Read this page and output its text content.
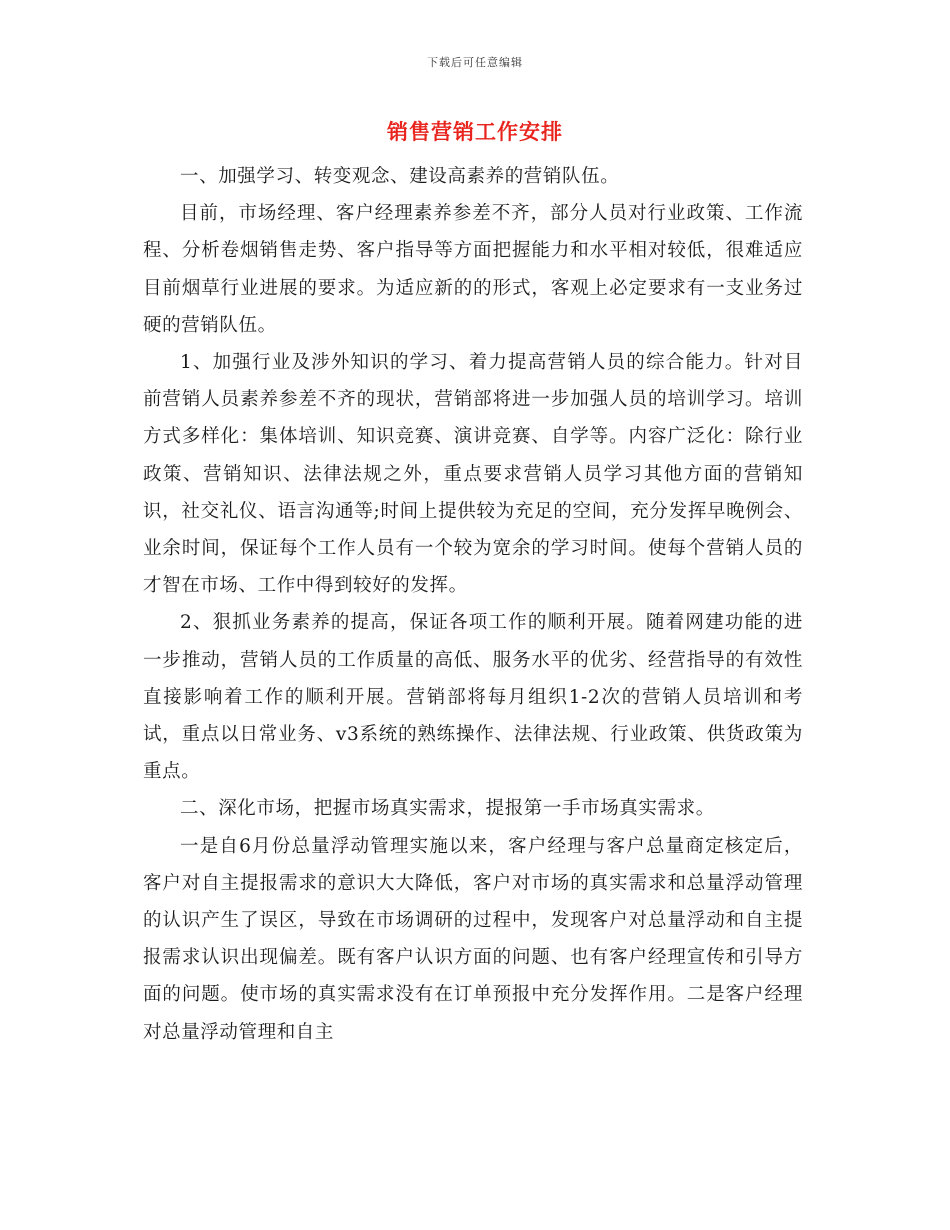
下载后可任意编辑
销售营销工作安排

一、加强学习、转变观念、建设高素养的营销队伍。

目前，市场经理、客户经理素养参差不齐，部分人员对行业政策、工作流程、分析卷烟销售走势、客户指导等方面把握能力和水平相对较低，很难适应目前烟草行业进展的要求。为适应新的的形式，客观上必定要求有一支业务过硬的营销队伍。

1、加强行业及涉外知识的学习、着力提高营销人员的综合能力。针对目前营销人员素养参差不齐的现状，营销部将进一步加强人员的培训学习。培训方式多样化：集体培训、知识竞赛、演讲竞赛、自学等。内容广泛化：除行业政策、营销知识、法律法规之外，重点要求营销人员学习其他方面的营销知识，社交礼仪、语言沟通等;时间上提供较为充足的空间，充分发挥早晚例会、业余时间，保证每个工作人员有一个较为宽余的学习时间。使每个营销人员的才智在市场、工作中得到较好的发挥。

2、狠抓业务素养的提高，保证各项工作的顺利开展。随着网建功能的进一步推动，营销人员的工作质量的高低、服务水平的优劣、经营指导的有效性直接影响着工作的顺利开展。营销部将每月组织1-2次的营销人员培训和考试，重点以日常业务、v3系统的熟练操作、法律法规、行业政策、供货政策为重点。

二、深化市场，把握市场真实需求，提报第一手市场真实需求。

一是自6月份总量浮动管理实施以来，客户经理与客户总量商定核定后，客户对自主提报需求的意识大大降低，客户对市场的真实需求和总量浮动管理的认识产生了误区，导致在市场调研的过程中，发现客户对总量浮动和自主提报需求认识出现偏差。既有客户认识方面的问题、也有客户经理宣传和引导方面的问题。使市场的真实需求没有在订单预报中充分发挥作用。二是客户经理对总量浮动管理和自主
